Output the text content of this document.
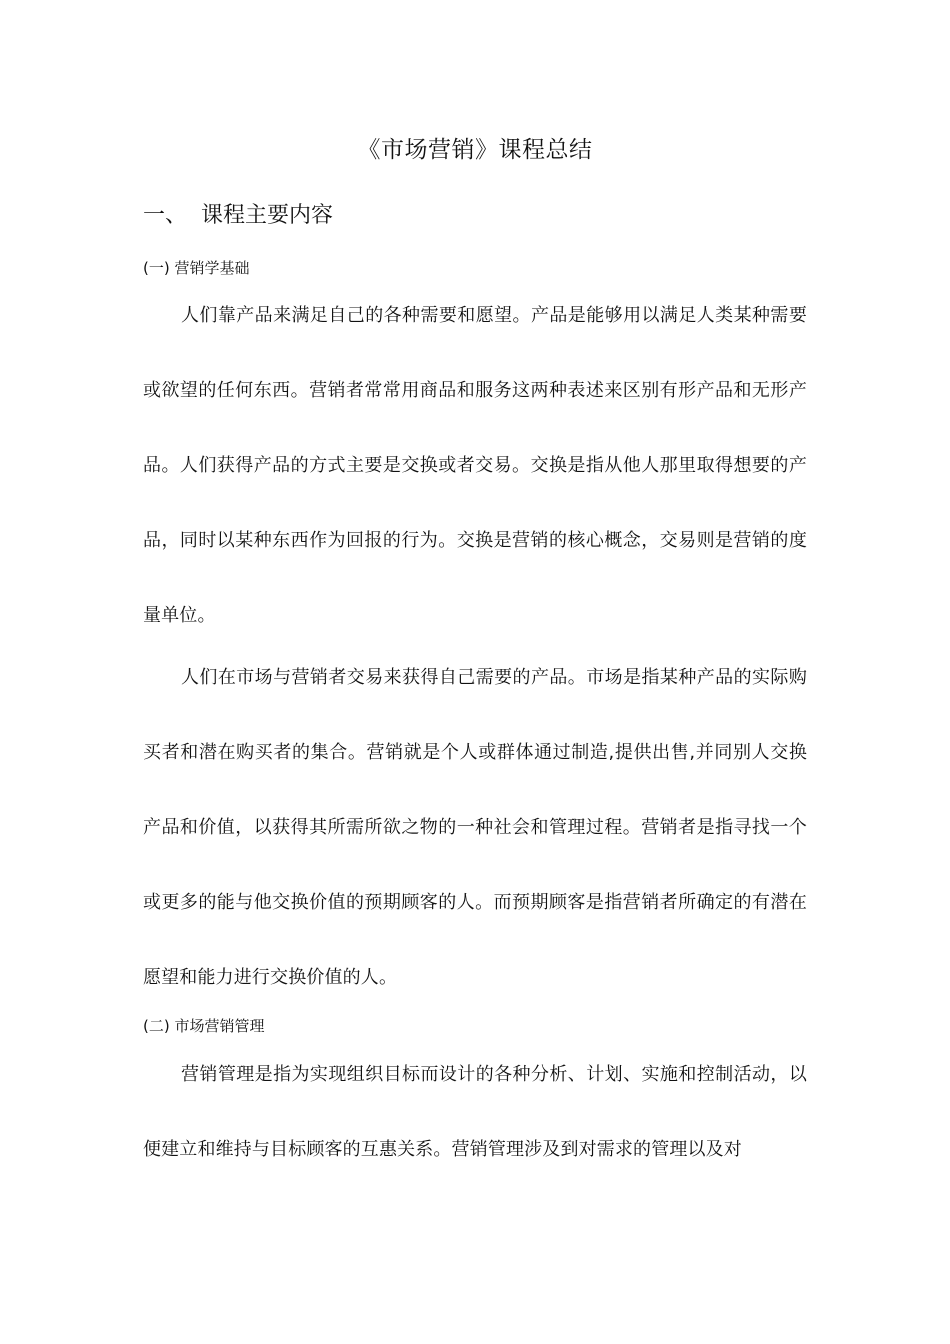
《市场营销》课程总结
一、 课程主要内容
(一) 营销学基础

人们靠产品来满足自己的各种需要和愿望。产品是能够用以满足人类某种需要或欲望的任何东西。营销者常常用商品和服务这两种表述来区别有形产品和无形产品。人们获得产品的方式主要是交换或者交易。交换是指从他人那里取得想要的产品，同时以某种东西作为回报的行为。交换是营销的核心概念，交易则是营销的度量单位。

人们在市场与营销者交易来获得自己需要的产品。市场是指某种产品的实际购买者和潜在购买者的集合。营销就是个人或群体通过制造,提供出售,并同别人交换产品和价值，以获得其所需所欲之物的一种社会和管理过程。营销者是指寻找一个或更多的能与他交换价值的预期顾客的人。而预期顾客是指营销者所确定的有潜在愿望和能力进行交换价值的人。

(二) 市场营销管理

营销管理是指为实现组织目标而设计的各种分析、计划、实施和控制活动，以便建立和维持与目标顾客的互惠关系。营销管理涉及到对需求的管理以及对
